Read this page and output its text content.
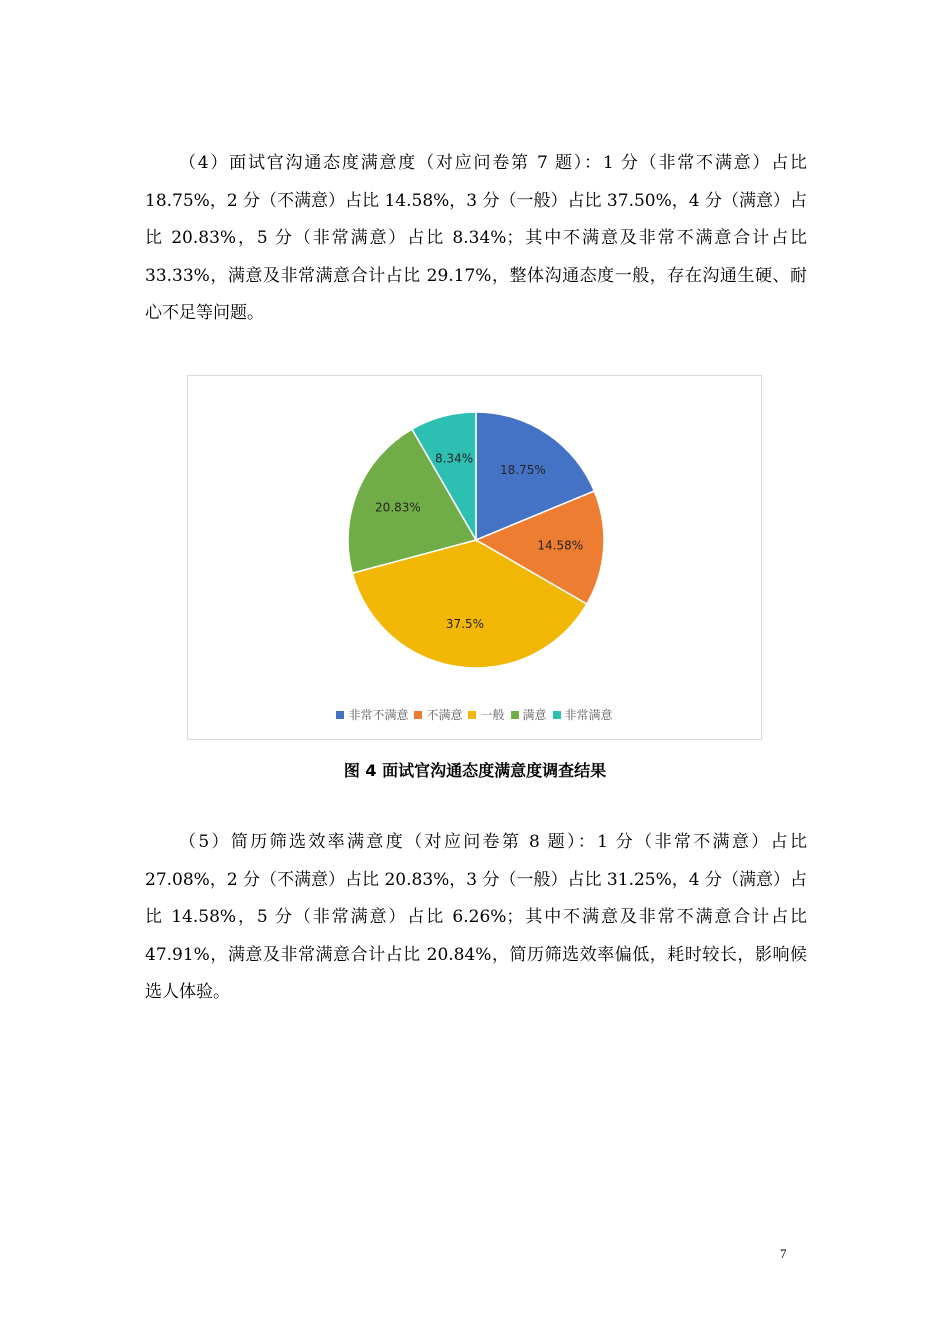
（4）面试官沟通态度满意度（对应问卷第 7 题）：1 分（非常不满意）占比 18.75%，2 分（不满意）占比 14.58%，3 分（一般）占比 37.50%，4 分（满意）占比 20.83%，5 分（非常满意）占比 8.34%；其中不满意及非常不满意合计占比 33.33%，满意及非常满意合计占比 29.17%，整体沟通态度一般，存在沟通生硬、耐心不足等问题。

18.75%
14.58%
37.5%
20.83%
8.34%
非常不满意 不满意 一般 满意 非常满意
图 4 面试官沟通态度满意度调查结果

（5）简历筛选效率满意度（对应问卷第 8 题）：1 分（非常不满意）占比 27.08%，2 分（不满意）占比 20.83%，3 分（一般）占比 31.25%，4 分（满意）占比 14.58%，5 分（非常满意）占比 6.26%；其中不满意及非常不满意合计占比 47.91%，满意及非常满意合计占比 20.84%，简历筛选效率偏低，耗时较长，影响候选人体验。

7
